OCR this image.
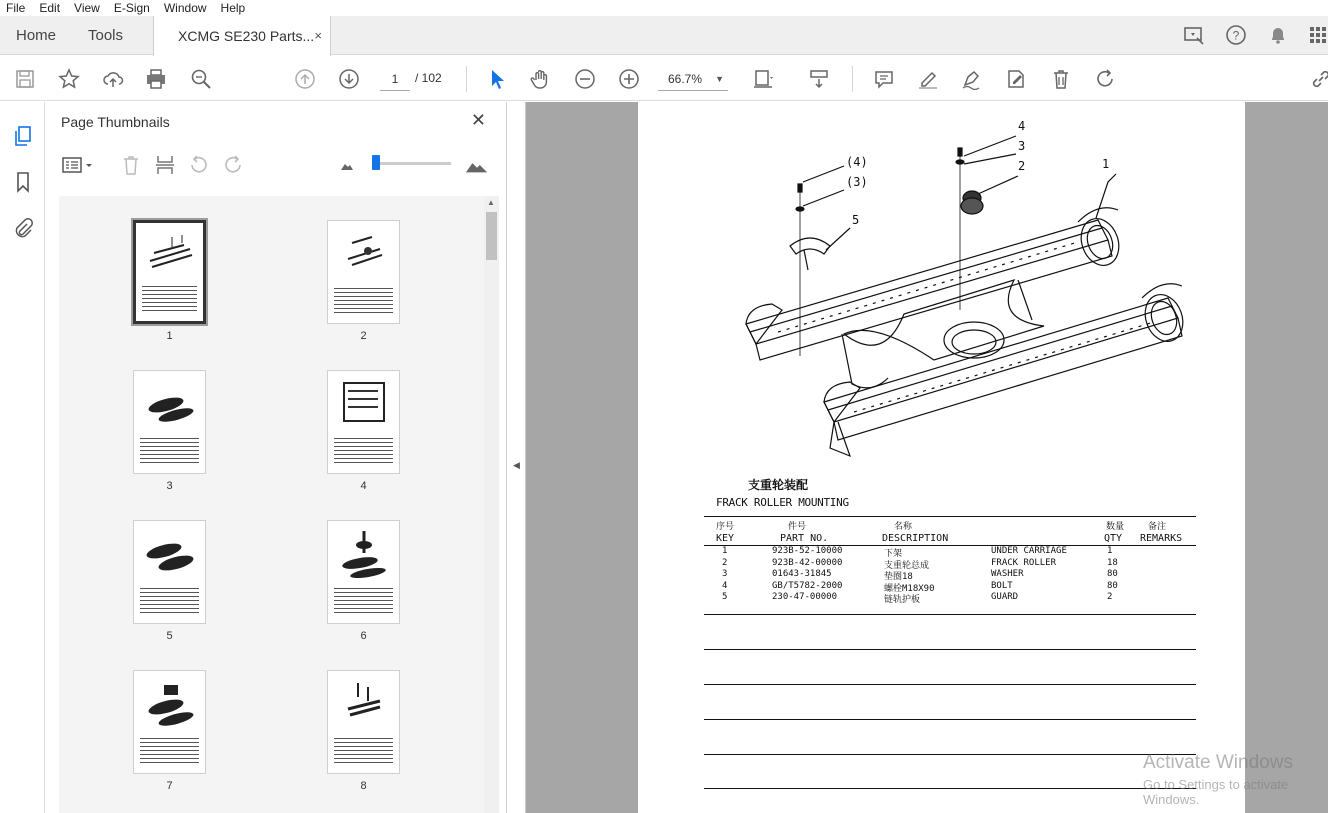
File Edit View E-Sign Window Help
Home Tools	XCMG SE230 Parts... ×	?
1	/ 102	66.7% ▼
Page Thumbnails	✕
1	2
3	4
5	6
7	8
▲
◀
4
3
2	1
(4)
(3)
5
支重轮装配
FRACK ROLLER MOUNTING
序号	件号	名称	数量	备注
KEY	PART NO.	DESCRIPTION	QTY REMARKS
1	923B-52-10000	下架	UNDER CARRIAGE	1
2	923B-42-00000	支重轮总成	FRACK ROLLER	18
3	01643-31845	垫圈18	WASHER	80
4	GB/T5782-2000	螺栓M18X90	BOLT	80
5	230-47-00000	链轨护板	GUARD	2
Activate Windows
Go to Settings to activate Windows.
